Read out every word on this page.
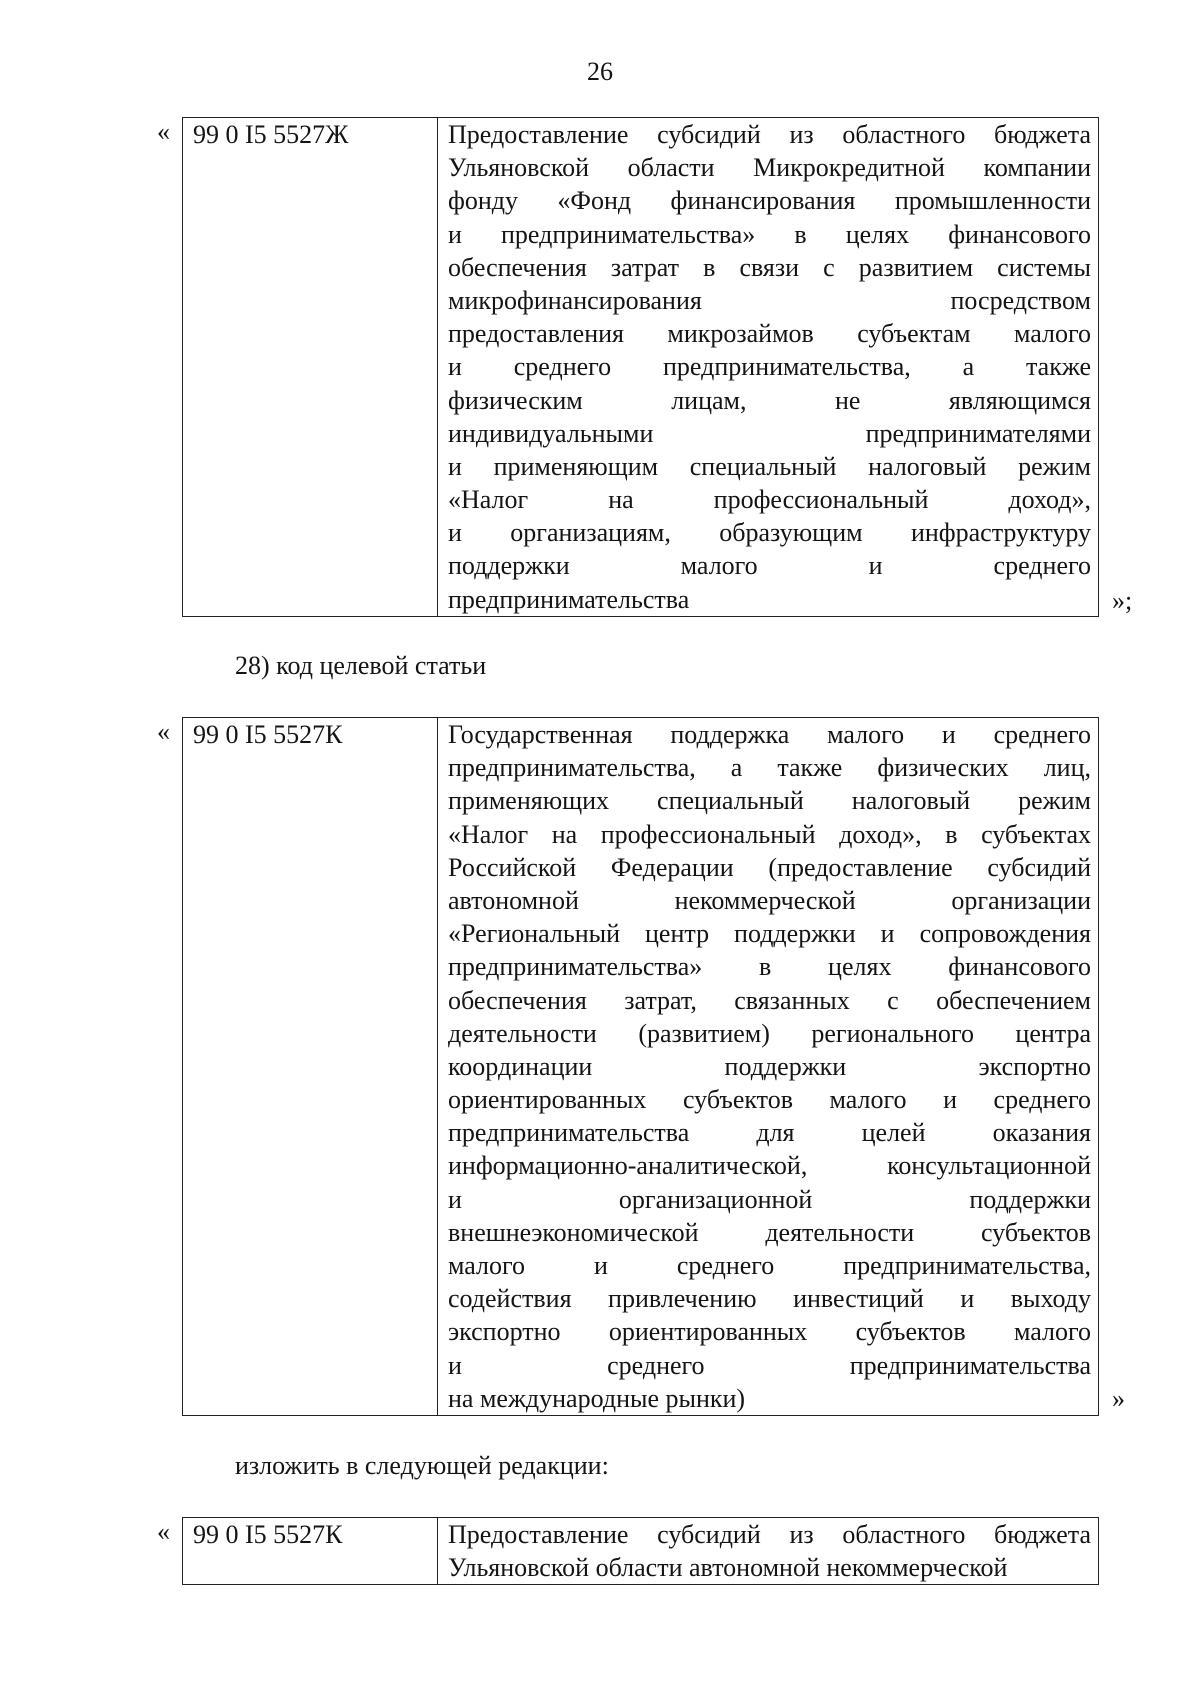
26
« 99 0 I5 5527Ж	Предоставление субсидий из областного бюджета
Ульяновской области Микрокредитной компании
фонду «Фонд финансирования промышленности
и предпринимательства» в целях финансового
обеспечения затрат в связи с развитием системы
микрофинансирования посредством
предоставления микрозаймов субъектам малого
и среднего предпринимательства, а также
физическим лицам, не являющимся
индивидуальными предпринимателями
и применяющим специальный налоговый режим
«Налог на профессиональный доход»,
и организациям, образующим инфраструктуру
поддержки малого и среднего
предпринимательства	»;
28) код целевой статьи
« 99 0 I5 5527К	Государственная поддержка малого и среднего
предпринимательства, а также физических лиц,
применяющих специальный налоговый режим
«Налог на профессиональный доход», в субъектах
Российской Федерации (предоставление субсидий
автономной некоммерческой организации
«Региональный центр поддержки и сопровождения
предпринимательства» в целях финансового
обеспечения затрат, связанных с обеспечением
деятельности (развитием) регионального центра
координации поддержки экспортно
ориентированных субъектов малого и среднего
предпринимательства для целей оказания
информационно-аналитической, консультационной
и организационной поддержки
внешнеэкономической деятельности субъектов
малого и среднего предпринимательства,
содействия привлечению инвестиций и выходу
экспортно ориентированных субъектов малого
и среднего предпринимательства
на международные рынки)	»
изложить в следующей редакции:
« 99 0 I5 5527К	Предоставление субсидий из областного бюджета
Ульяновской области автономной некоммерческой
